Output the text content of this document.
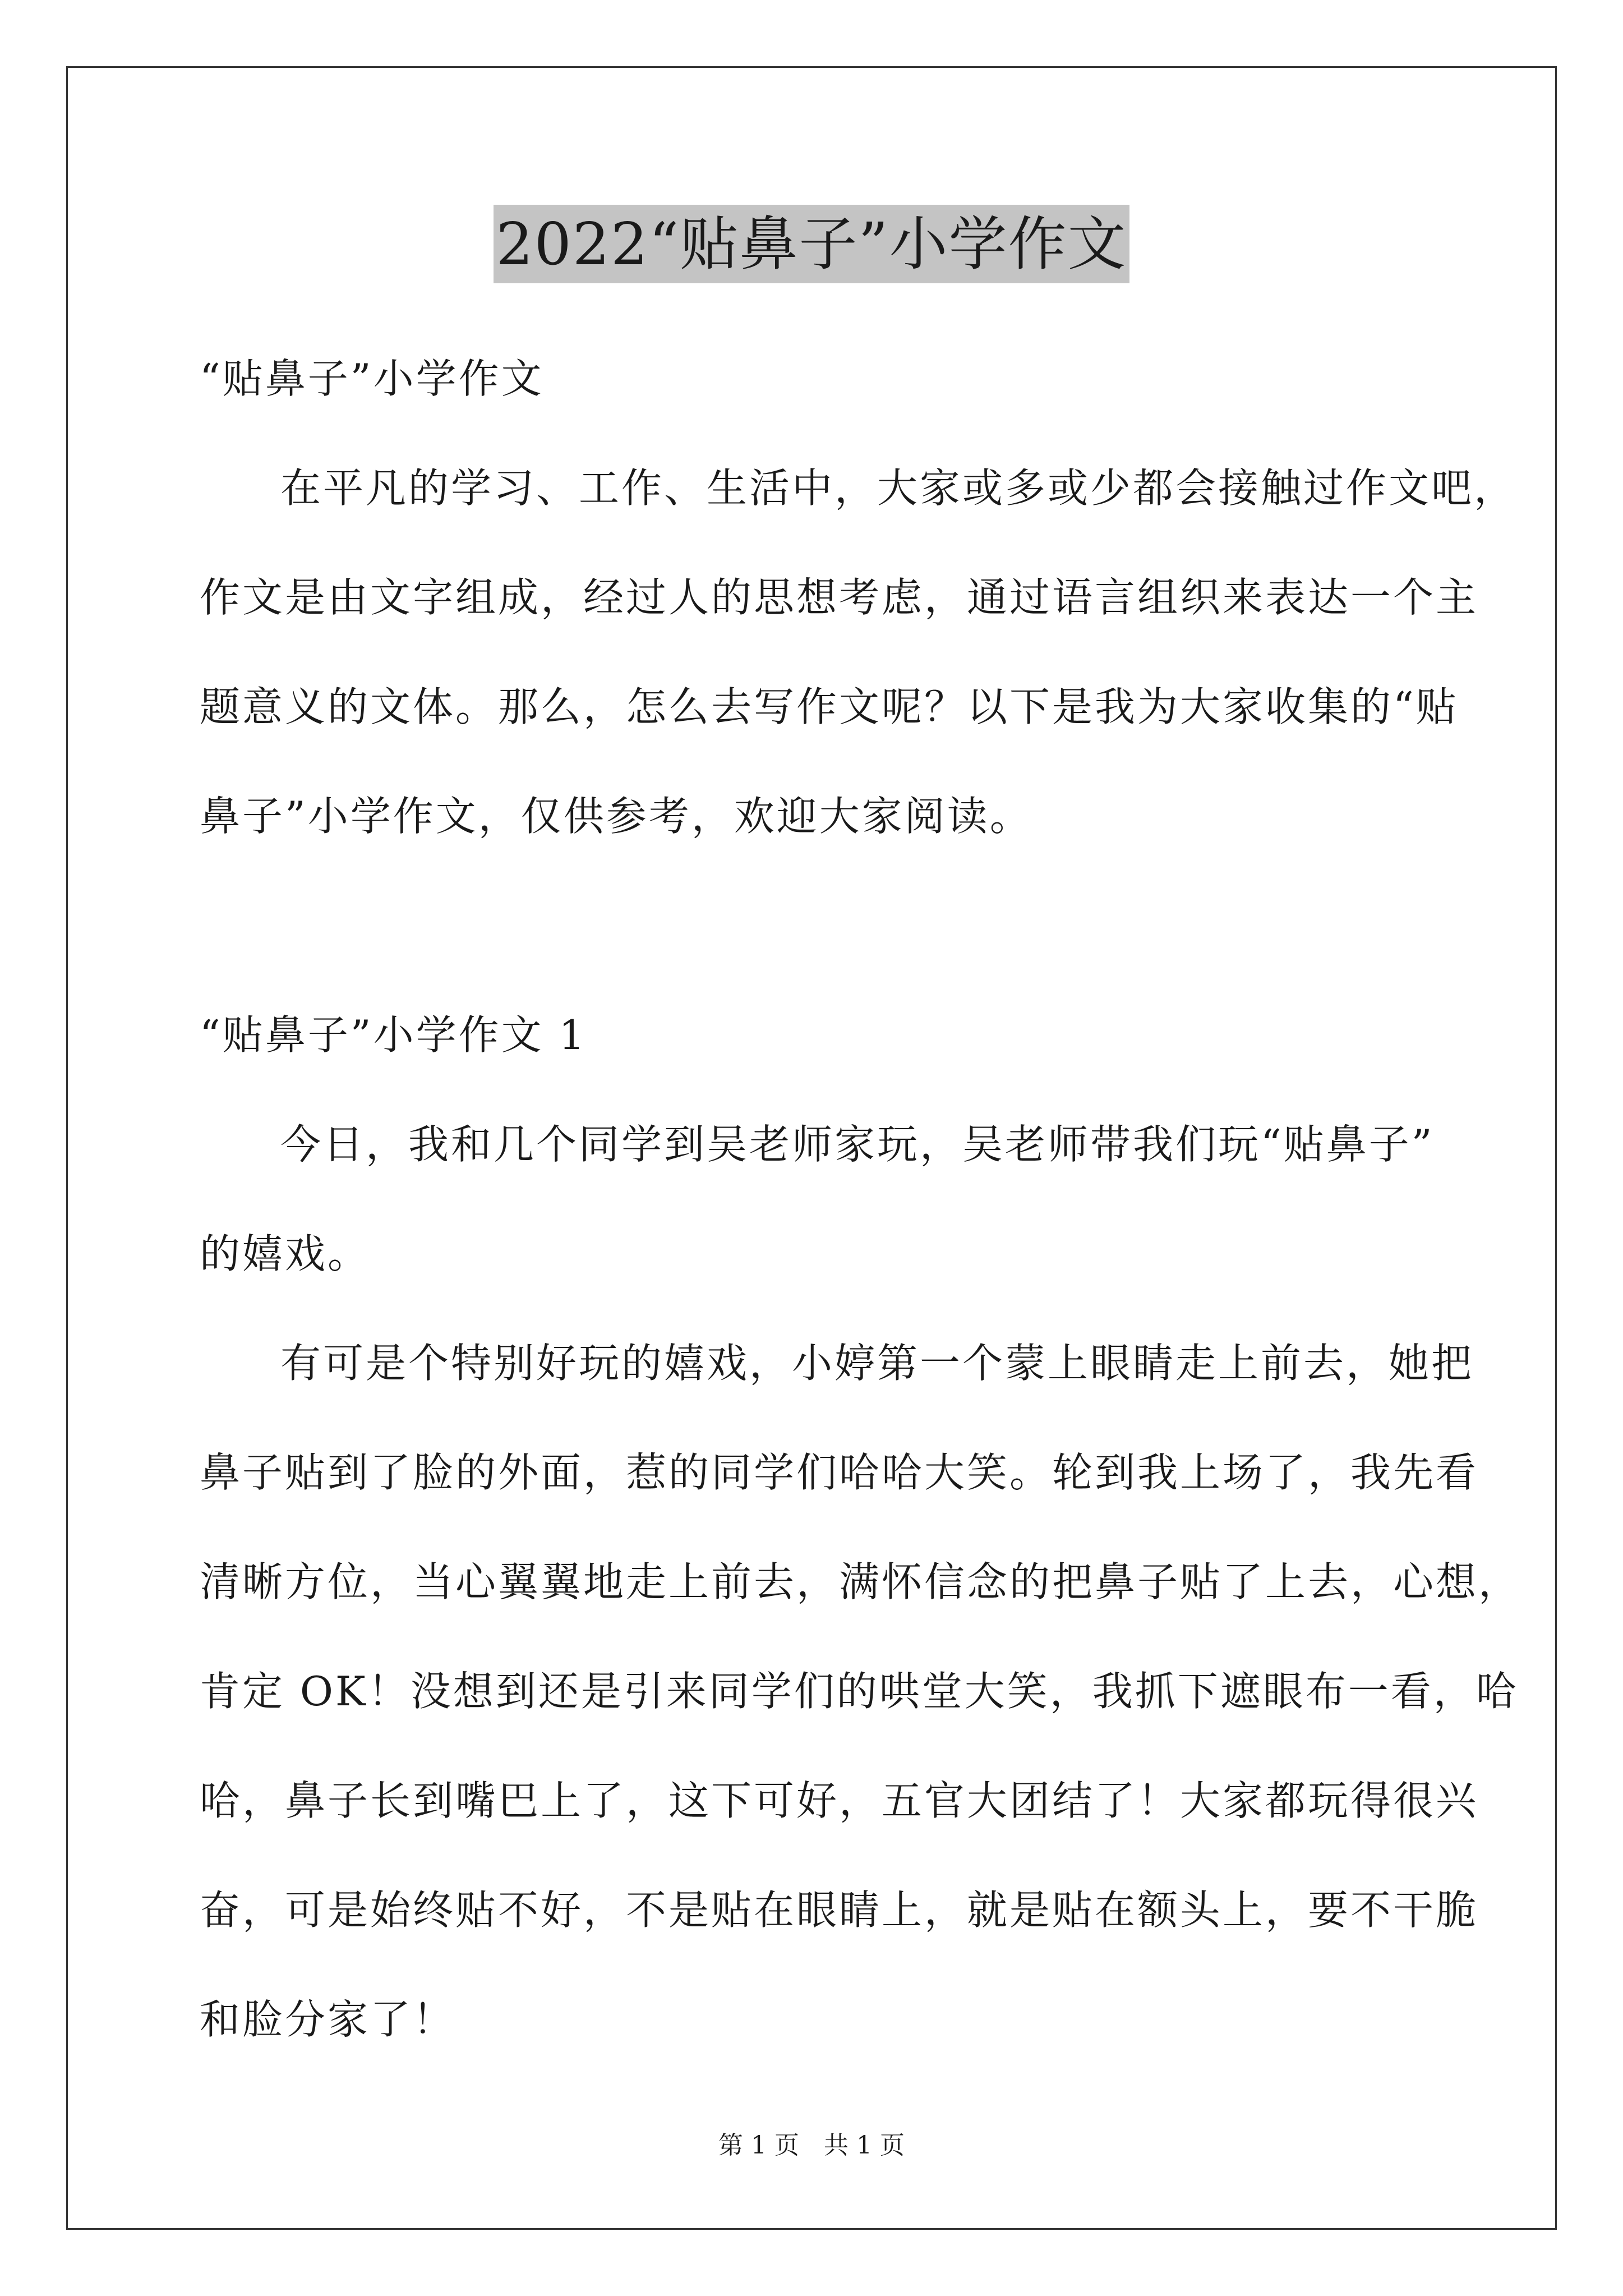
2022“贴鼻子”小学作文
“贴鼻子”小学作文
在平凡的学习、工作、生活中，大家或多或少都会接触过作文吧，
作文是由文字组成，经过人的思想考虑，通过语言组织来表达一个主
题意义的文体。那么，怎么去写作文呢？以下是我为大家收集的“贴
鼻子”小学作文，仅供参考，欢迎大家阅读。
“贴鼻子”小学作文 1
今日，我和几个同学到吴老师家玩，吴老师带我们玩“贴鼻子”
的嬉戏。
有可是个特别好玩的嬉戏，小婷第一个蒙上眼睛走上前去，她把
鼻子贴到了脸的外面，惹的同学们哈哈大笑。轮到我上场了，我先看
清晰方位，当心翼翼地走上前去，满怀信念的把鼻子贴了上去，心想，
肯定 OK！没想到还是引来同学们的哄堂大笑，我抓下遮眼布一看，哈
哈，鼻子长到嘴巴上了，这下可好，五官大团结了！大家都玩得很兴
奋，可是始终贴不好，不是贴在眼睛上，就是贴在额头上，要不干脆
和脸分家了！
第 1 页　共 1 页
